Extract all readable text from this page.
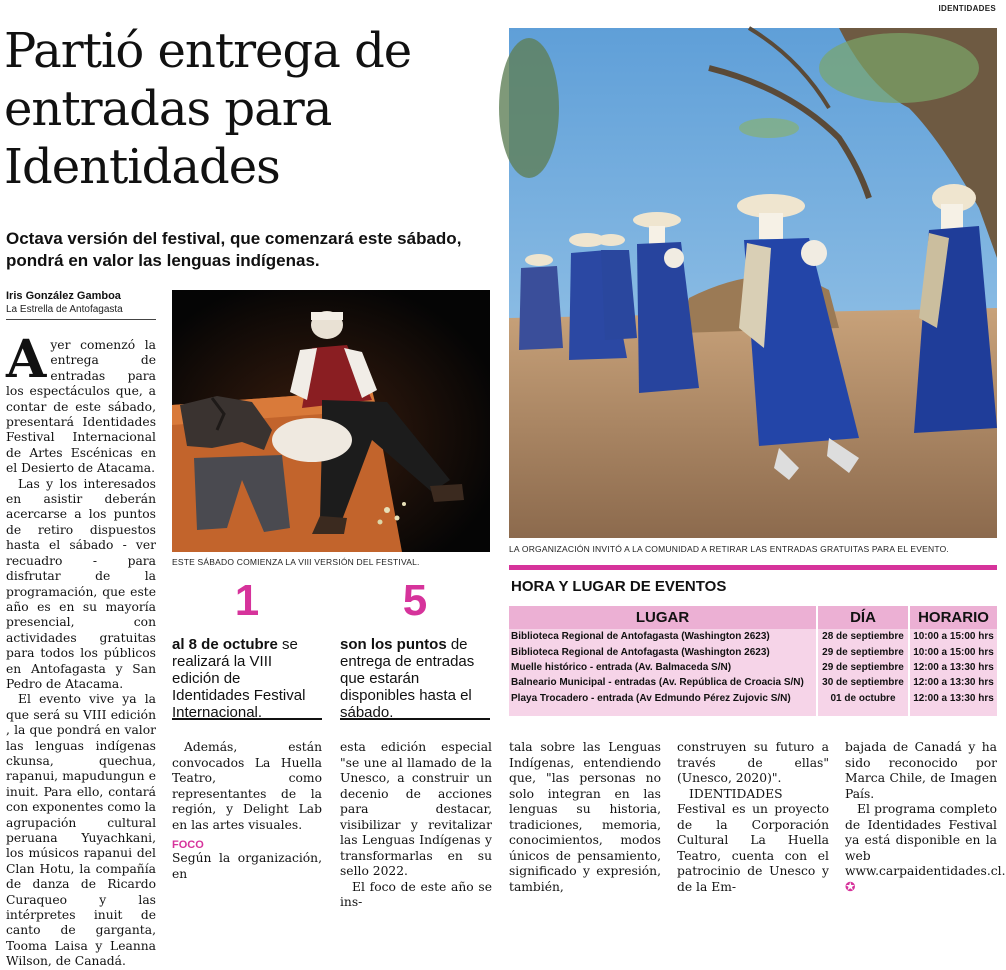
IDENTIDADES
Partió entrega de entradas para Identidades
Octava versión del festival, que comenzará este sábado, pondrá en valor las lenguas indígenas.
Iris González Gamboa
La Estrella de Antofagasta

Ayer comenzó la entrega de entradas para los espectáculos que, a contar de este sábado, presentará Identidades Festival Internacional de Artes Escénicas en el Desierto de Atacama.

Las y los interesados en asistir deberán acercarse a los puntos de retiro dispuestos hasta el sábado - ver recuadro - para disfrutar de la programación, que este año es en su mayoría presencial, con actividades gratuitas para todos los públicos en Antofagasta y San Pedro de Atacama.

El evento vive ya la que será su VIII edición , la que pondrá en valor las lenguas indígenas ckunsa, quechua, rapanui, mapudungun e inuit. Para ello, contará con exponentes como la agrupación cultural peruana Yuyachkani, los músicos rapanui del Clan Hotu, la compañía de danza de Ricardo Curaqueo y las intérpretes inuit de canto de garganta, Tooma Laisa y Leanna Wilson, de Canadá.

ESTE SÁBADO COMIENZA LA VIII VERSIÓN DEL FESTIVAL.
1
al 8 de octubre se realizará la VIII edición de Identidades Festival Internacional.
5
son los puntos de entrega de entradas que estarán disponibles hasta el sábado.

Además, están convocados La Huella Teatro, como representantes de la región, y Delight Lab en las artes visuales.

FOCO

Según la organización, en

esta edición especial "se une al llamado de la Unesco, a construir un decenio de acciones para destacar, visibilizar y revitalizar las Lenguas Indígenas y transformarlas en su sello 2022.

El foco de este año se ins-

tala sobre las Lenguas Indígenas, entendiendo que, "las personas no solo integran en las lenguas su historia, tradiciones, memoria, conocimientos, modos únicos de pensamiento, significado y expresión, también,

construyen su futuro a través de ellas" (Unesco, 2020)".

IDENTIDADES Festival es un proyecto de la Corporación Cultural La Huella Teatro, cuenta con el patrocinio de Unesco y de la Em-

bajada de Canadá y ha sido reconocido por Marca Chile, de Imagen País.

El programa completo de Identidades Festival ya está disponible en la web www.carpaidentidades.cl. ✪

LA ORGANIZACIÓN INVITÓ A LA COMUNIDAD A RETIRAR LAS ENTRADAS GRATUITAS PARA EL EVENTO.
HORA Y LUGAR DE EVENTOS
LUGAR	DÍA	HORARIO
Biblioteca Regional de Antofagasta (Washington 2623)	28 de septiembre	10:00 a 15:00 hrs
Biblioteca Regional de Antofagasta (Washington 2623)	29 de septiembre	10:00 a 15:00 hrs
Muelle histórico - entrada (Av. Balmaceda S/N)	29 de septiembre	12:00 a 13:30 hrs
Balneario Municipal - entradas (Av. República de Croacia S/N)	30 de septiembre	12:00 a 13:30 hrs
Playa Trocadero - entrada (Av Edmundo Pérez Zujovic S/N)	01 de octubre	12:00 a 13:30 hrs
